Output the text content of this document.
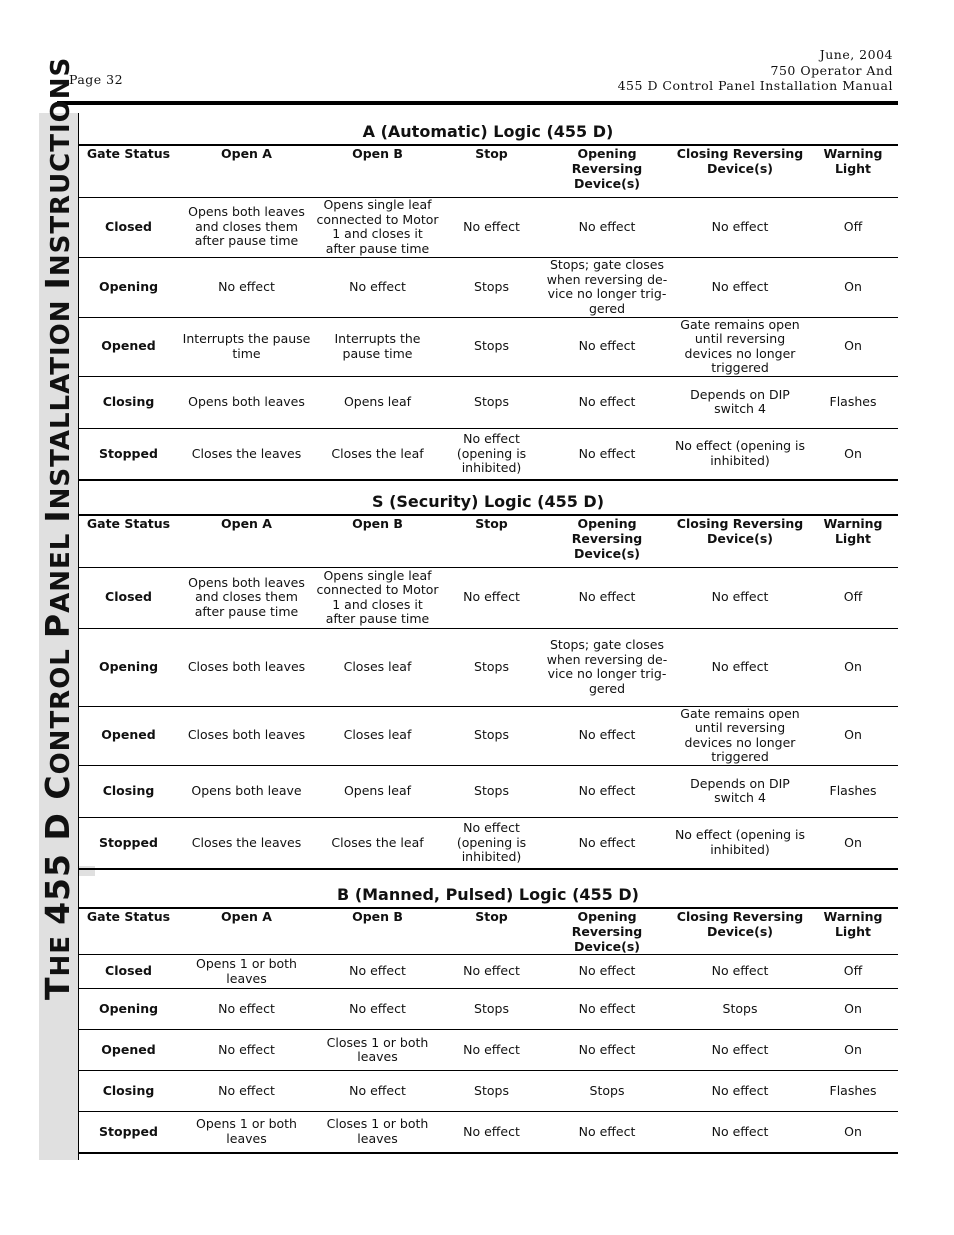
Page 32
June, 2004
750 Operator And
455 D Control Panel Installation Manual
THE 455 D CONTROL PANEL INSTALLATION INSTRUCTIONS	A (Automatic) Logic (455 D)
Gate Status	Open A	Open B	Stop	Opening Reversing Device(s)	Closing Reversing Device(s)	Warning Light
Closed	Opens both leaves and closes them after pause time	Opens single leaf connected to Motor 1 and closes it after pause time	No effect	No effect	No effect	Off
Opening	No effect	No effect	Stops	Stops; gate closes when reversing de-vice no longer trig-gered	No effect	On
Opened	Interrupts the pause time	Interrupts the pause time	Stops	No effect	Gate remains open until reversing devices no longer triggered	On
Closing	Opens both leaves	Opens leaf	Stops	No effect	Depends on DIP switch 4	Flashes
Stopped	Closes the leaves	Closes the leaf	No effect (opening is inhibited)	No effect	No effect (opening is inhibited)	On
S (Security) Logic (455 D)
Gate Status	Open A	Open B	Stop	Opening Reversing Device(s)	Closing Reversing Device(s)	Warning Light
Closed	Opens both leaves and closes them after pause time	Opens single leaf connected to Motor 1 and closes it after pause time	No effect	No effect	No effect	Off
Opening	Closes both leaves	Closes leaf	Stops	Stops; gate closes when reversing de-vice no longer trig-gered	No effect	On
Opened	Closes both leaves	Closes leaf	Stops	No effect	Gate remains open until reversing devices no longer triggered	On
Closing	Opens both leave	Opens leaf	Stops	No effect	Depends on DIP switch 4	Flashes
Stopped	Closes the leaves	Closes the leaf	No effect (opening is inhibited)	No effect	No effect (opening is inhibited)	On
B (Manned, Pulsed) Logic (455 D)
Gate Status	Open A	Open B	Stop	Opening Reversing Device(s)	Closing Reversing Device(s)	Warning Light
Closed	Opens 1 or both leaves	No effect	No effect	No effect	No effect	Off
Opening	No effect	No effect	Stops	No effect	Stops	On
Opened	No effect	Closes 1 or both leaves	No effect	No effect	No effect	On
Closing	No effect	No effect	Stops	Stops	No effect	Flashes
Stopped	Opens 1 or both leaves	Closes 1 or both leaves	No effect	No effect	No effect	On
